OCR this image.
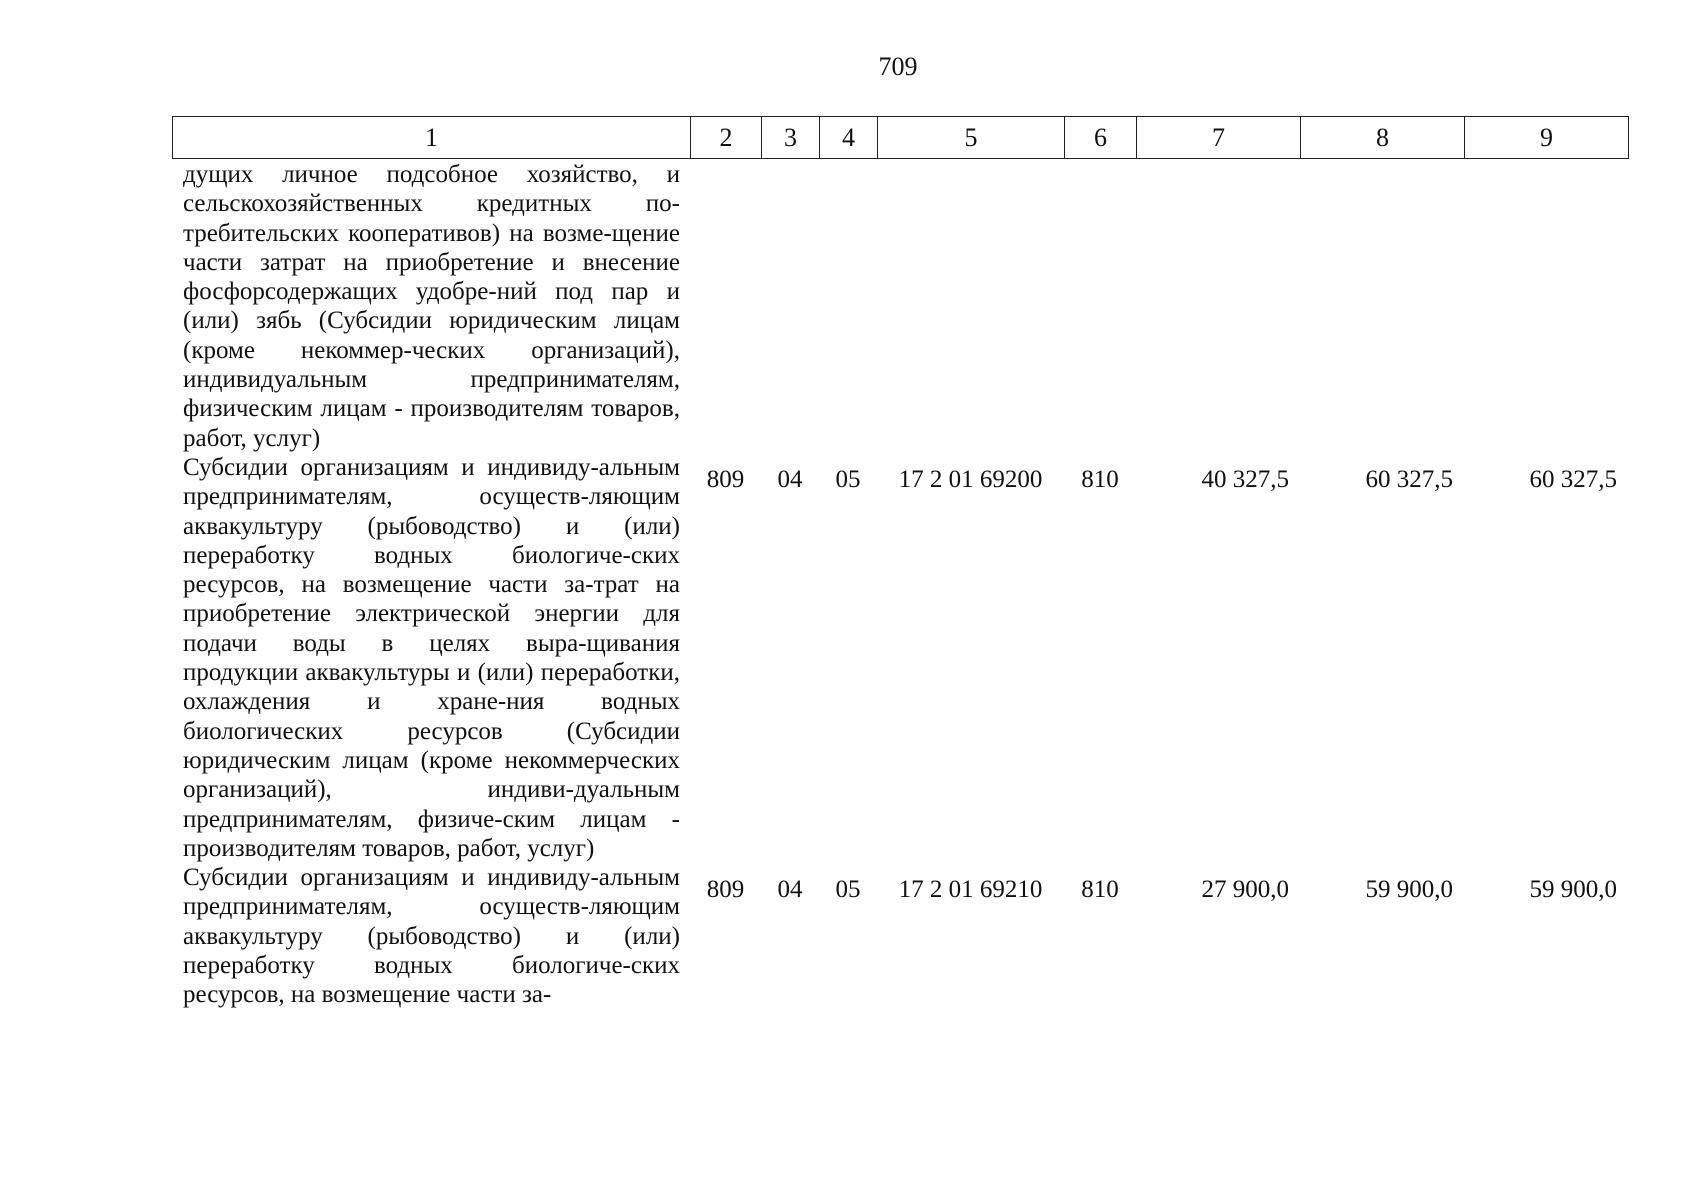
709
1	2	3	4	5	6	7	8	9
дущих личное подсобное хозяйство, и сельскохозяйственных кредитных по-требительских кооперативов) на возме-щение части затрат на приобретение и внесение фосфорсодержащих удобре-ний под пар и (или) зябь (Субсидии юридическим лицам (кроме некоммер-ческих организаций), индивидуальным предпринимателям, физическим лицам - производителям товаров, работ, услуг)								
Субсидии организациям и индивиду-альным предпринимателям, осуществ-ляющим аквакультуру (рыбоводство) и (или) переработку водных биологиче-ских ресурсов, на возмещение части за-трат на приобретение электрической энергии для подачи воды в целях выра-щивания продукции аквакультуры и (или) переработки, охлаждения и хране-ния водных биологических ресурсов (Субсидии юридическим лицам (кроме некоммерческих организаций), индиви-дуальным предпринимателям, физиче-ским лицам - производителям товаров, работ, услуг)	809	04	05	17 2 01 69200	810	40 327,5	60 327,5	60 327,5
Субсидии организациям и индивиду-альным предпринимателям, осуществ-ляющим аквакультуру (рыбоводство) и (или) переработку водных биологиче-ских ресурсов, на возмещение части за-	809	04	05	17 2 01 69210	810	27 900,0	59 900,0	59 900,0
